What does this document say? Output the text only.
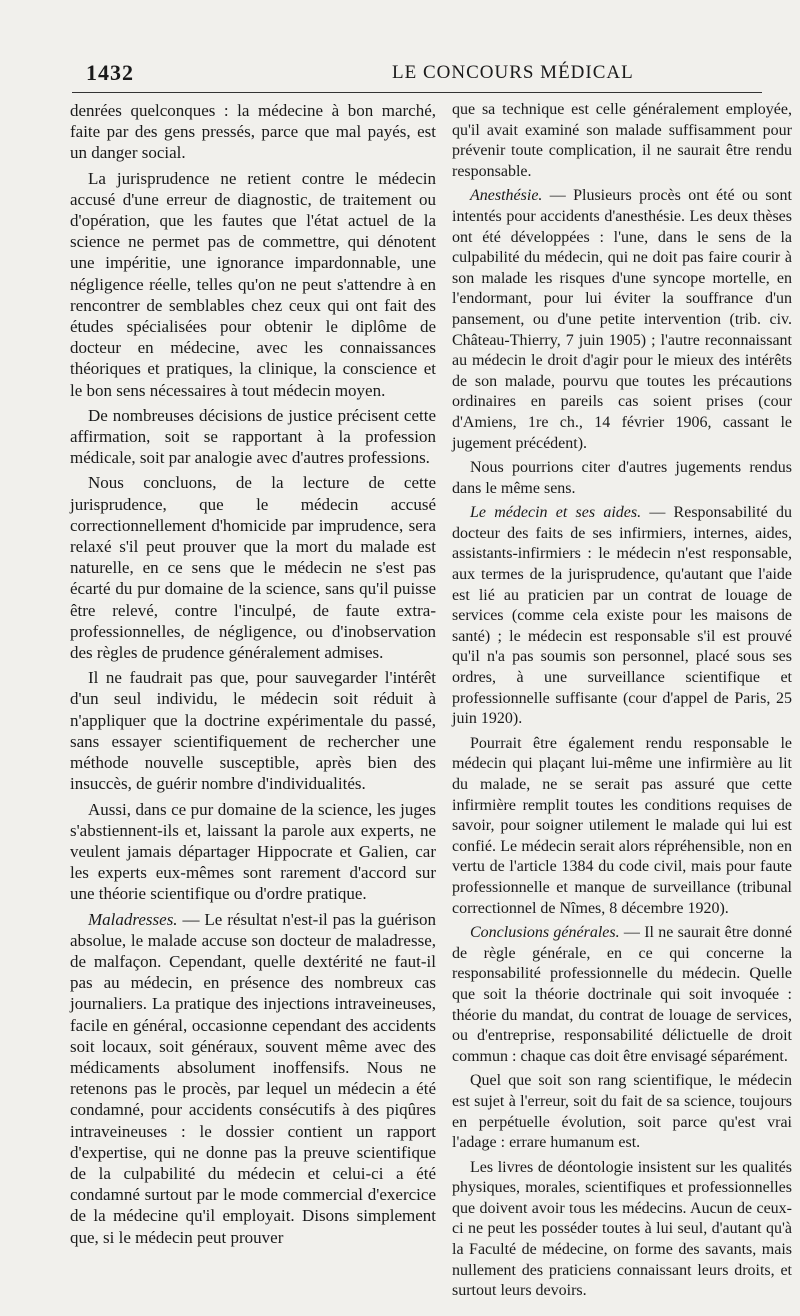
1432	LE CONCOURS MÉDICAL

denrées quelconques : la médecine à bon marché, faite par des gens pressés, parce que mal payés, est un danger social.

La jurisprudence ne retient contre le médecin accusé d'une erreur de diagnostic, de traitement ou d'opération, que les fautes que l'état actuel de la science ne permet pas de commettre, qui dénotent une impéritie, une ignorance impardonnable, une négligence réelle, telles qu'on ne peut s'attendre à en rencontrer de semblables chez ceux qui ont fait des études spécialisées pour obtenir le diplôme de docteur en médecine, avec les connaissances théoriques et pratiques, la clinique, la conscience et le bon sens nécessaires à tout médecin moyen.

De nombreuses décisions de justice précisent cette affirmation, soit se rapportant à la profession médicale, soit par analogie avec d'autres professions.

Nous concluons, de la lecture de cette jurisprudence, que le médecin accusé correctionnellement d'homicide par imprudence, sera relaxé s'il peut prouver que la mort du malade est naturelle, en ce sens que le médecin ne s'est pas écarté du pur domaine de la science, sans qu'il puisse être relevé, contre l'inculpé, de faute extra-professionnelles, de négligence, ou d'inobservation des règles de prudence généralement admises.

Il ne faudrait pas que, pour sauvegarder l'intérêt d'un seul individu, le médecin soit réduit à n'appliquer que la doctrine expérimentale du passé, sans essayer scientifiquement de rechercher une méthode nouvelle susceptible, après bien des insuccès, de guérir nombre d'individualités.

Aussi, dans ce pur domaine de la science, les juges s'abstiennent-ils et, laissant la parole aux experts, ne veulent jamais départager Hippocrate et Galien, car les experts eux-mêmes sont rarement d'accord sur une théorie scientifique ou d'ordre pratique.

Maladresses. — Le résultat n'est-il pas la guérison absolue, le malade accuse son docteur de maladresse, de malfaçon. Cependant, quelle dextérité ne faut-il pas au médecin, en présence des nombreux cas journaliers. La pratique des injections intraveineuses, facile en général, occasionne cependant des accidents soit locaux, soit généraux, souvent même avec des médicaments absolument inoffensifs. Nous ne retenons pas le procès, par lequel un médecin a été condamné, pour accidents consécutifs à des piqûres intraveineuses : le dossier contient un rapport d'expertise, qui ne donne pas la preuve scientifique de la culpabilité du médecin et celui-ci a été condamné surtout par le mode commercial d'exercice de la médecine qu'il employait. Disons simplement que, si le médecin peut prouver

que sa technique est celle généralement employée, qu'il avait examiné son malade suffisamment pour prévenir toute complication, il ne saurait être rendu responsable.

Anesthésie. — Plusieurs procès ont été ou sont intentés pour accidents d'anesthésie. Les deux thèses ont été développées : l'une, dans le sens de la culpabilité du médecin, qui ne doit pas faire courir à son malade les risques d'une syncope mortelle, en l'endormant, pour lui éviter la souffrance d'un pansement, ou d'une petite intervention (trib. civ. Château-Thierry, 7 juin 1905) ; l'autre reconnaissant au médecin le droit d'agir pour le mieux des intérêts de son malade, pourvu que toutes les précautions ordinaires en pareils cas soient prises (cour d'Amiens, 1re ch., 14 février 1906, cassant le jugement précédent).

Nous pourrions citer d'autres jugements rendus dans le même sens.

Le médecin et ses aides. — Responsabilité du docteur des faits de ses infirmiers, internes, aides, assistants-infirmiers : le médecin n'est responsable, aux termes de la jurisprudence, qu'autant que l'aide est lié au praticien par un contrat de louage de services (comme cela existe pour les maisons de santé) ; le médecin est responsable s'il est prouvé qu'il n'a pas soumis son personnel, placé sous ses ordres, à une surveillance scientifique et professionnelle suffisante (cour d'appel de Paris, 25 juin 1920).

Pourrait être également rendu responsable le médecin qui plaçant lui-même une infirmière au lit du malade, ne se serait pas assuré que cette infirmière remplit toutes les conditions requises de savoir, pour soigner utilement le malade qui lui est confié. Le médecin serait alors répréhensible, non en vertu de l'article 1384 du code civil, mais pour faute professionnelle et manque de surveillance (tribunal correctionnel de Nîmes, 8 décembre 1920).

Conclusions générales. — Il ne saurait être donné de règle générale, en ce qui concerne la responsabilité professionnelle du médecin. Quelle que soit la théorie doctrinale qui soit invoquée : théorie du mandat, du contrat de louage de services, ou d'entreprise, responsabilité délictuelle de droit commun : chaque cas doit être envisagé séparément.

Quel que soit son rang scientifique, le médecin est sujet à l'erreur, soit du fait de sa science, toujours en perpétuelle évolution, soit parce qu'est vrai l'adage : errare humanum est.

Les livres de déontologie insistent sur les qualités physiques, morales, scientifiques et professionnelles que doivent avoir tous les médecins. Aucun de ceux-ci ne peut les posséder toutes à lui seul, d'autant qu'à la Faculté de médecine, on forme des savants, mais nullement des praticiens connaissant leurs droits, et surtout leurs devoirs.
